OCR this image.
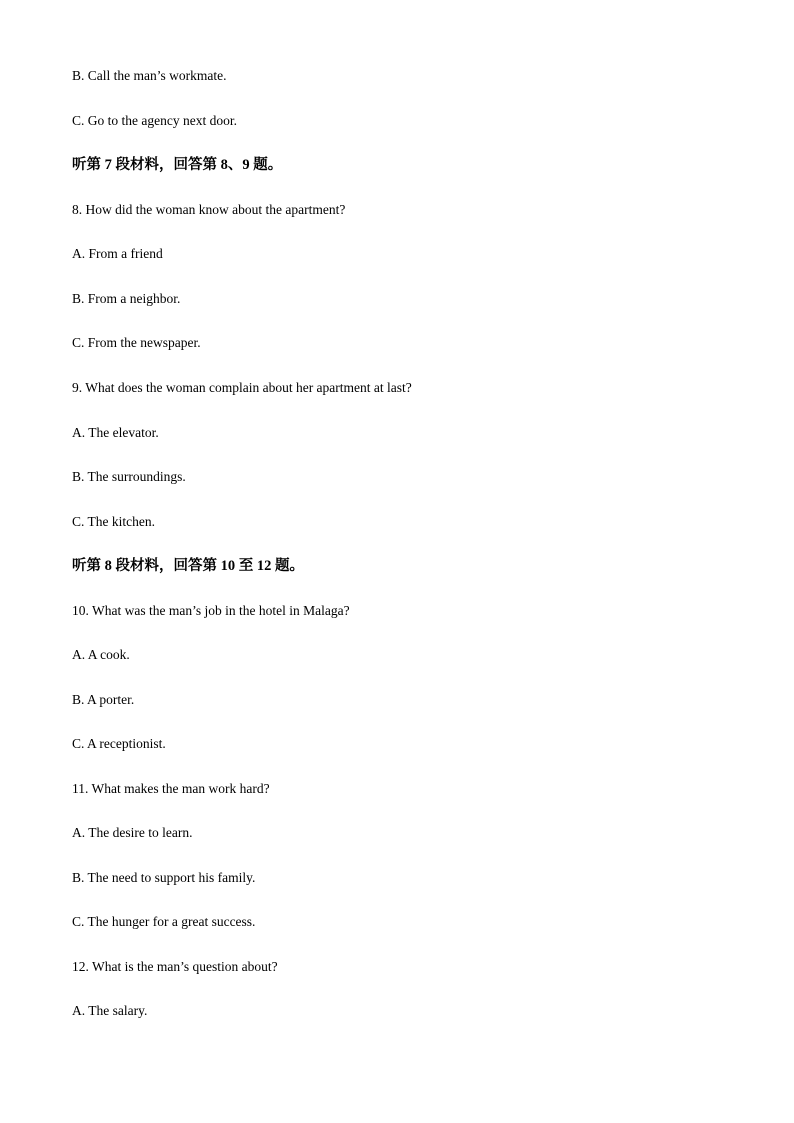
B. Call the man’s workmate.
C. Go to the agency next door.
听第 7 段材料，回答第 8、9 题。
8. How did the woman know about the apartment?
A. From a friend
B. From a neighbor.
C. From the newspaper.
9. What does the woman complain about her apartment at last?
A. The elevator.
B. The surroundings.
C. The kitchen.
听第 8 段材料，回答第 10 至 12 题。
10. What was the man’s job in the hotel in Malaga?
A. A cook.
B. A porter.
C. A receptionist.
11. What makes the man work hard?
A. The desire to learn.
B. The need to support his family.
C. The hunger for a great success.
12. What is the man’s question about?
A. The salary.
